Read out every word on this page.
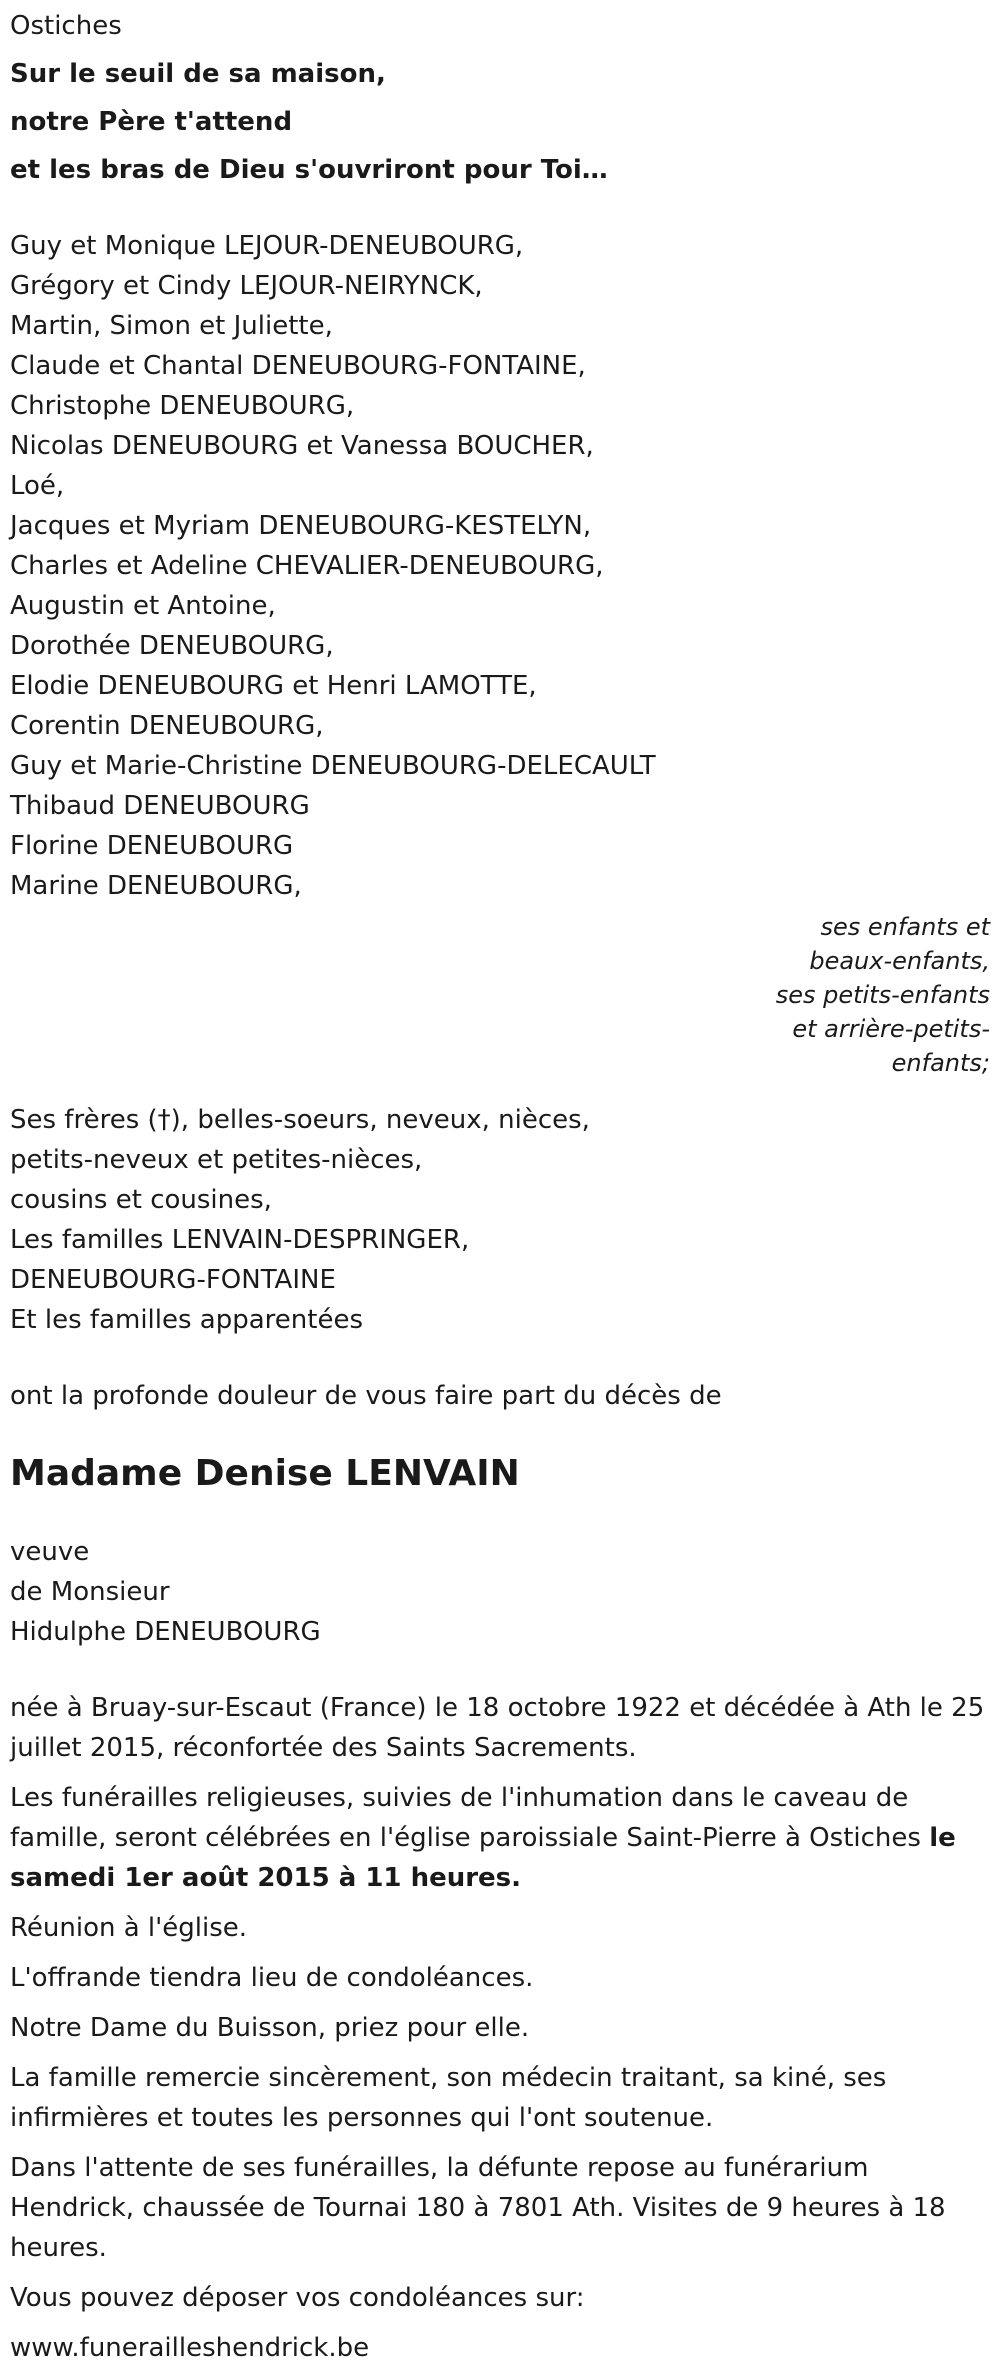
Ostiches
Sur le seuil de sa maison,
notre Père t'attend
et les bras de Dieu s'ouvriront pour Toi…
Guy et Monique LEJOUR-DENEUBOURG,
Grégory et Cindy LEJOUR-NEIRYNCK,
Martin, Simon et Juliette,
Claude et Chantal DENEUBOURG-FONTAINE,
Christophe DENEUBOURG,
Nicolas DENEUBOURG et Vanessa BOUCHER,
Loé,
Jacques et Myriam DENEUBOURG-KESTELYN,
Charles et Adeline CHEVALIER-DENEUBOURG,
Augustin et Antoine,
Dorothée DENEUBOURG,
Elodie DENEUBOURG et Henri LAMOTTE,
Corentin DENEUBOURG,
Guy et Marie-Christine DENEUBOURG-DELECAULT
Thibaud DENEUBOURG
Florine DENEUBOURG
Marine DENEUBOURG,
ses enfants et
beaux-enfants,
ses petits-enfants
et arrière-petits-
enfants;
Ses frères (†), belles-soeurs, neveux, nièces,
petits-neveux et petites-nièces,
cousins et cousines,
Les familles LENVAIN-DESPRINGER,
DENEUBOURG-FONTAINE
Et les familles apparentées
ont la profonde douleur de vous faire part du décès de
Madame Denise LENVAIN
veuve
de Monsieur
Hidulphe DENEUBOURG

née à Bruay-sur-Escaut (France) le 18 octobre 1922 et décédée à Ath le 25 juillet 2015, réconfortée des Saints Sacrements.

Les funérailles religieuses, suivies de l'inhumation dans le caveau de famille, seront célébrées en l'église paroissiale Saint-Pierre à Ostiches le samedi 1er août 2015 à 11 heures.

Réunion à l'église.

L'offrande tiendra lieu de condoléances.

Notre Dame du Buisson, priez pour elle.

La famille remercie sincèrement, son médecin traitant, sa kiné, ses infirmières et toutes les personnes qui l'ont soutenue.

Dans l'attente de ses funérailles, la défunte repose au funérarium Hendrick, chaussée de Tournai 180 à 7801 Ath. Visites de 9 heures à 18 heures.

Vous pouvez déposer vos condoléances sur:

www.funerailleshendrick.be
